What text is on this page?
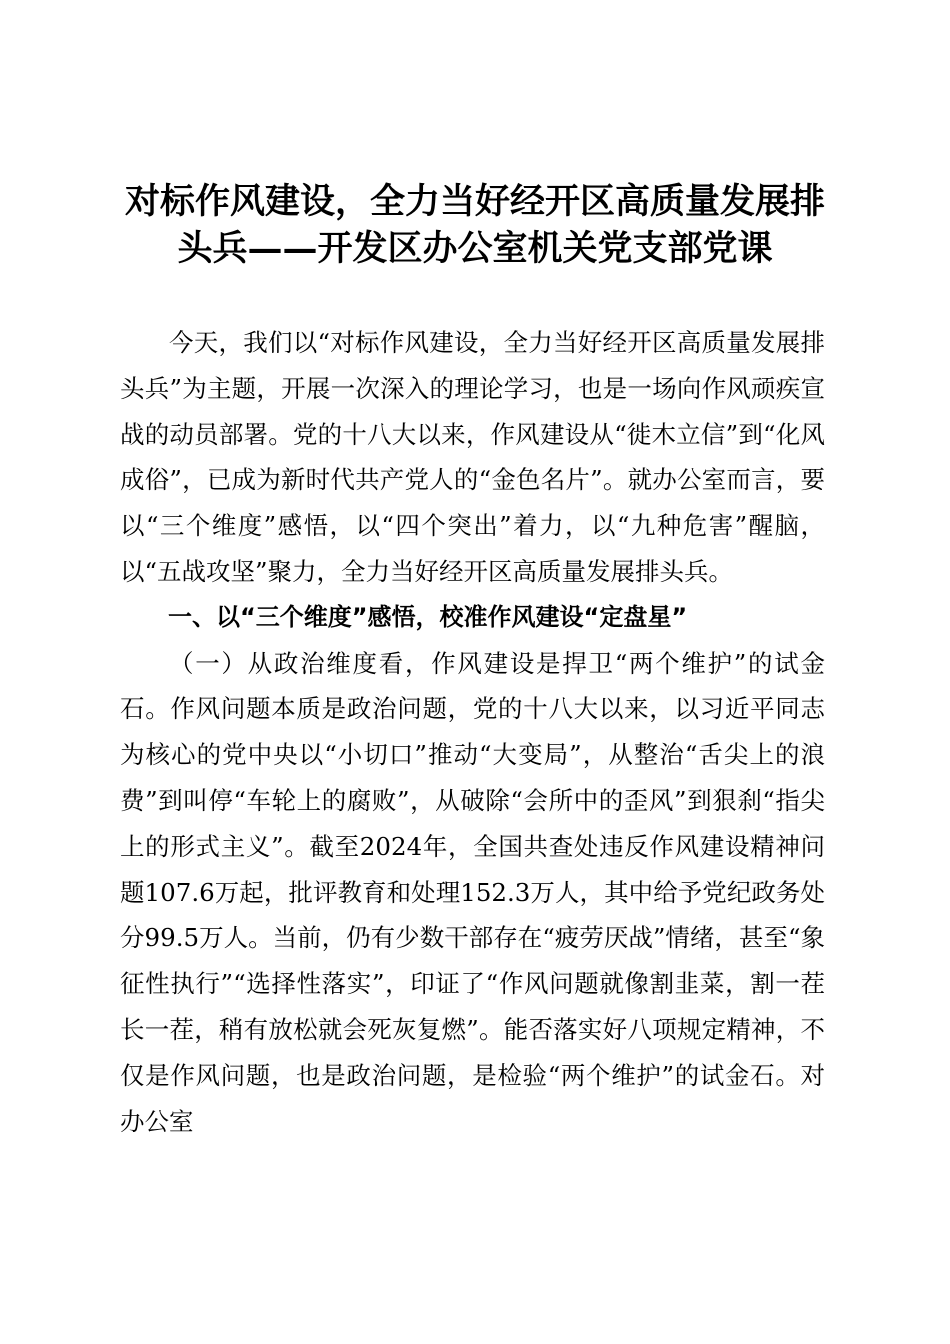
对标作风建设，全力当好经开区高质量发展排
头兵——开发区办公室机关党支部党课

今天，我们以“对标作风建设，全力当好经开区高质量发展排头兵”为主题，开展一次深入的理论学习，也是一场向作风顽疾宣战的动员部署。党的十八大以来，作风建设从“徙木立信”到“化风成俗”，已成为新时代共产党人的“金色名片”。就办公室而言，要以“三个维度”感悟，以“四个突出”着力，以“九种危害”醒脑，以“五战攻坚”聚力，全力当好经开区高质量发展排头兵。

一、以“三个维度”感悟，校准作风建设“定盘星”

（一）从政治维度看，作风建设是捍卫“两个维护”的试金石。作风问题本质是政治问题，党的十八大以来，以习近平同志为核心的党中央以“小切口”推动“大变局”，从整治“舌尖上的浪费”到叫停“车轮上的腐败”，从破除“会所中的歪风”到狠刹“指尖上的形式主义”。截至2024年，全国共查处违反作风建设精神问题107.6万起，批评教育和处理152.3万人，其中给予党纪政务处分99.5万人。当前，仍有少数干部存在“疲劳厌战”情绪，甚至“象征性执行”“选择性落实”，印证了“作风问题就像割韭菜，割一茬长一茬，稍有放松就会死灰复燃”。能否落实好八项规定精神，不仅是作风问题，也是政治问题，是检验“两个维护”的试金石。对办公室
